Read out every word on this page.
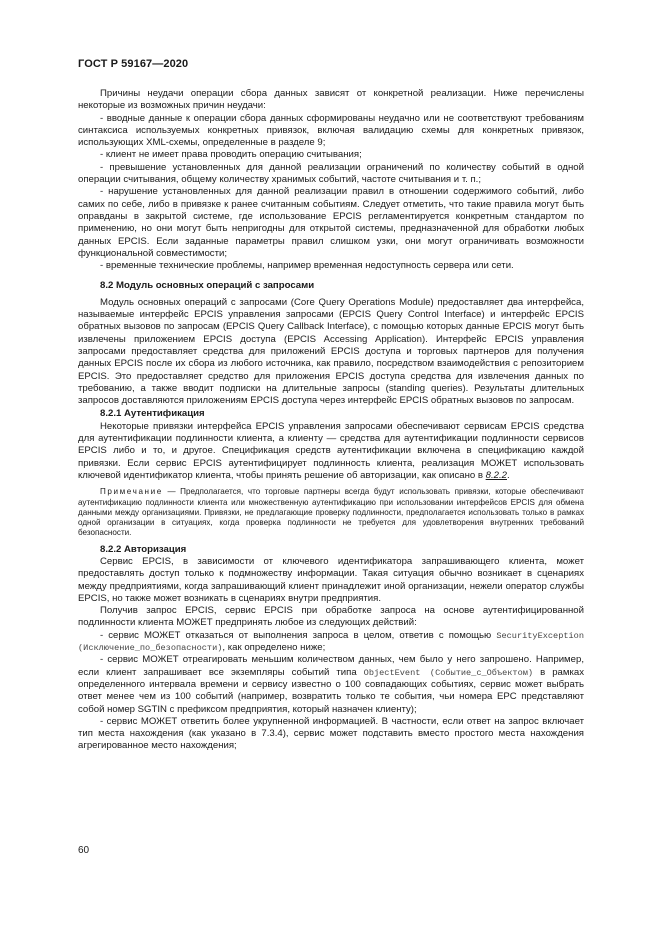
ГОСТ Р 59167—2020

Причины неудачи операции сбора данных зависят от конкретной реализации. Ниже перечислены некоторые из возможных причин неудачи:

- вводные данные к операции сбора данных сформированы неудачно или не соответствуют требованиям синтаксиса используемых конкретных привязок, включая валидацию схемы для конкретных привязок, использующих XML-схемы, определенные в разделе 9;

- клиент не имеет права проводить операцию считывания;

- превышение установленных для данной реализации ограничений по количеству событий в одной операции считывания, общему количеству хранимых событий, частоте считывания и т. п.;

- нарушение установленных для данной реализации правил в отношении содержимого событий, либо самих по себе, либо в привязке к ранее считанным событиям. Следует отметить, что такие правила могут быть оправданы в закрытой системе, где использование EPCIS регламентируется конкретным стандартом по применению, но они могут быть непригодны для открытой системы, предназначенной для обработки любых данных EPCIS. Если заданные параметры правил слишком узки, они могут ограничивать возможности функциональной совместимости;

- временные технические проблемы, например временная недоступность сервера или сети.

8.2 Модуль основных операций с запросами

Модуль основных операций с запросами (Core Query Operations Module) предоставляет два интерфейса, называемые интерфейс EPCIS управления запросами (EPCIS Query Control Interface) и интерфейс EPCIS обратных вызовов по запросам (EPCIS Query Callback Interface), с помощью которых данные EPCIS могут быть извлечены приложением EPCIS доступа (EPCIS Accessing Application). Интерфейс EPCIS управления запросами предоставляет средства для приложений EPCIS доступа и торговых партнеров для получения данных EPCIS после их сбора из любого источника, как правило, посредством взаимодействия с репозиторием EPCIS. Это предоставляет средство для приложения EPCIS доступа средства для извлечения данных по требованию, а также вводит подписки на длительные запросы (standing queries). Результаты длительных запросов доставляются приложениям EPCIS доступа через интерфейс EPCIS обратных вызовов по запросам.

8.2.1 Аутентификация

Некоторые привязки интерфейса EPCIS управления запросами обеспечивают сервисам EPCIS средства для аутентификации подлинности клиента, а клиенту — средства для аутентификации подлинности сервисов EPCIS либо и то, и другое. Спецификация средств аутентификации включена в спецификацию каждой привязки. Если сервис EPCIS аутентифицирует подлинность клиента, реализация МОЖЕТ использовать ключевой идентификатор клиента, чтобы принять решение об авторизации, как описано в 8.2.2.

Примечание — Предполагается, что торговые партнеры всегда будут использовать привязки, которые обеспечивают аутентификацию подлинности клиента или множественную аутентификацию при использовании интерфейсов EPCIS для обмена данными между организациями. Привязки, не предлагающие проверку подлинности, предполагается использовать только в рамках одной организации в ситуациях, когда проверка подлинности не требуется для удовлетворения внутренних требований безопасности.

8.2.2 Авторизация

Сервис EPCIS, в зависимости от ключевого идентификатора запрашивающего клиента, может предоставлять доступ только к подмножеству информации. Такая ситуация обычно возникает в сценариях между предприятиями, когда запрашивающий клиент принадлежит иной организации, нежели оператор службы EPCIS, но также может возникать в сценариях внутри предприятия.

Получив запрос EPCIS, сервис EPCIS при обработке запроса на основе аутентифицированной подлинности клиента МОЖЕТ предпринять любое из следующих действий:

- сервис МОЖЕТ отказаться от выполнения запроса в целом, ответив с помощью SecurityException (Исключение_по_безопасности), как определено ниже;

- сервис МОЖЕТ отреагировать меньшим количеством данных, чем было у него запрошено. Например, если клиент запрашивает все экземпляры событий типа ObjectEvent (Событие_с_Объектом) в рамках определенного интервала времени и сервису известно о 100 совпадающих событиях, сервис может выбрать ответ менее чем из 100 событий (например, возвратить только те события, чьи номера EPC представляют собой номер SGTIN с префиксом предприятия, который назначен клиенту);

- сервис МОЖЕТ ответить более укрупненной информацией. В частности, если ответ на запрос включает тип места нахождения (как указано в 7.3.4), сервис может подставить вместо простого места нахождения агрегированное место нахождения;

60
